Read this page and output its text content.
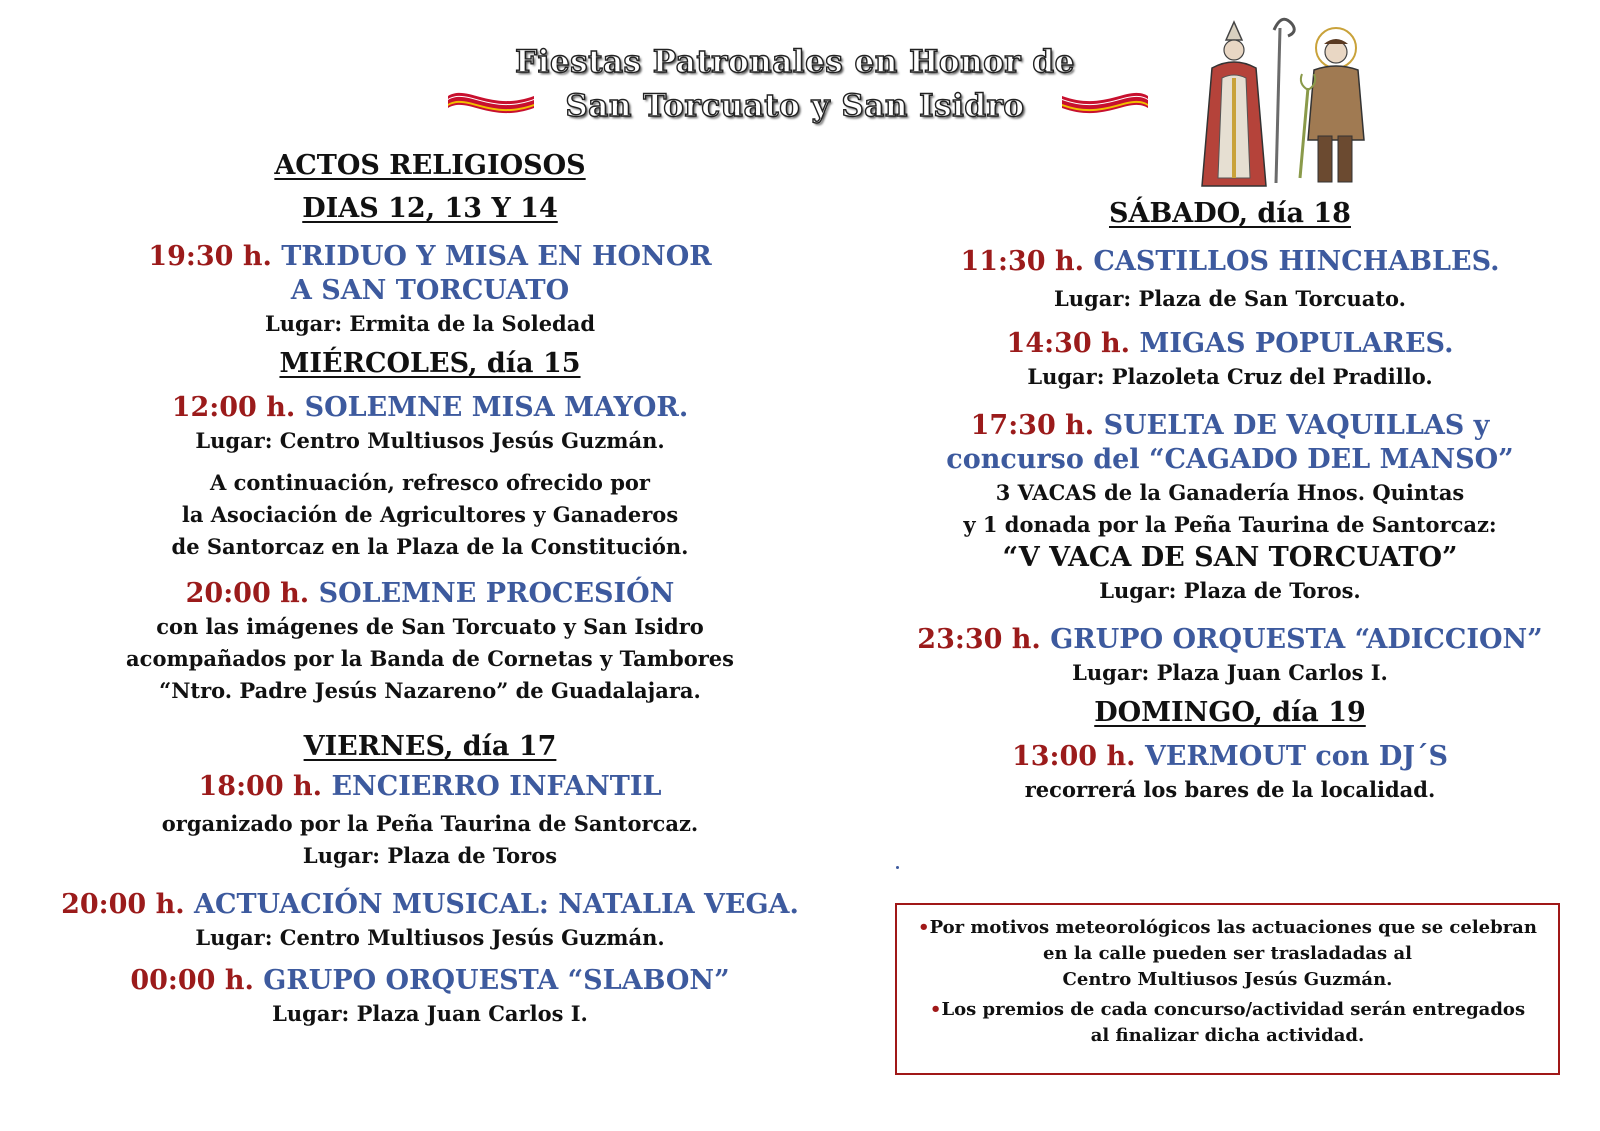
Fiestas Patronales en Honor de
San Torcuato y San Isidro
ACTOS RELIGIOSOS
DIAS 12, 13 Y 14
19:30 h. TRIDUO Y MISA EN HONOR
A SAN TORCUATO
Lugar: Ermita de la Soledad
MIÉRCOLES, día 15
12:00 h. SOLEMNE MISA MAYOR.
Lugar: Centro Multiusos Jesús Guzmán.
A continuación, refresco ofrecido por
la Asociación de Agricultores y Ganaderos
de Santorcaz en la Plaza de la Constitución.
20:00 h. SOLEMNE PROCESIÓN
con las imágenes de San Torcuato y San Isidro
acompañados por la Banda de Cornetas y Tambores
“Ntro. Padre Jesús Nazareno” de Guadalajara.
VIERNES, día 17
18:00 h. ENCIERRO INFANTIL
organizado por la Peña Taurina de Santorcaz.
Lugar: Plaza de Toros
20:00 h. ACTUACIÓN MUSICAL: NATALIA VEGA.
Lugar: Centro Multiusos Jesús Guzmán.
00:00 h. GRUPO ORQUESTA “SLABON”
Lugar: Plaza Juan Carlos I.
SÁBADO, día 18
11:30 h. CASTILLOS HINCHABLES.
Lugar: Plaza de San Torcuato.
14:30 h. MIGAS POPULARES.
Lugar: Plazoleta Cruz del Pradillo.
17:30 h. SUELTA DE VAQUILLAS y
concurso del “CAGADO DEL MANSO”
3 VACAS de la Ganadería Hnos. Quintas
y 1 donada por la Peña Taurina de Santorcaz:
“V VACA DE SAN TORCUATO”
Lugar: Plaza de Toros.
23:30 h. GRUPO ORQUESTA “ADICCION”
Lugar: Plaza Juan Carlos I.
DOMINGO, día 19
13:00 h. VERMOUT con DJ´S
recorrerá los bares de la localidad.
•Por motivos meteorológicos las actuaciones que se celebran
en la calle pueden ser trasladadas al
Centro Multiusos Jesús Guzmán.
•Los premios de cada concurso/actividad serán entregados
al finalizar dicha actividad.
